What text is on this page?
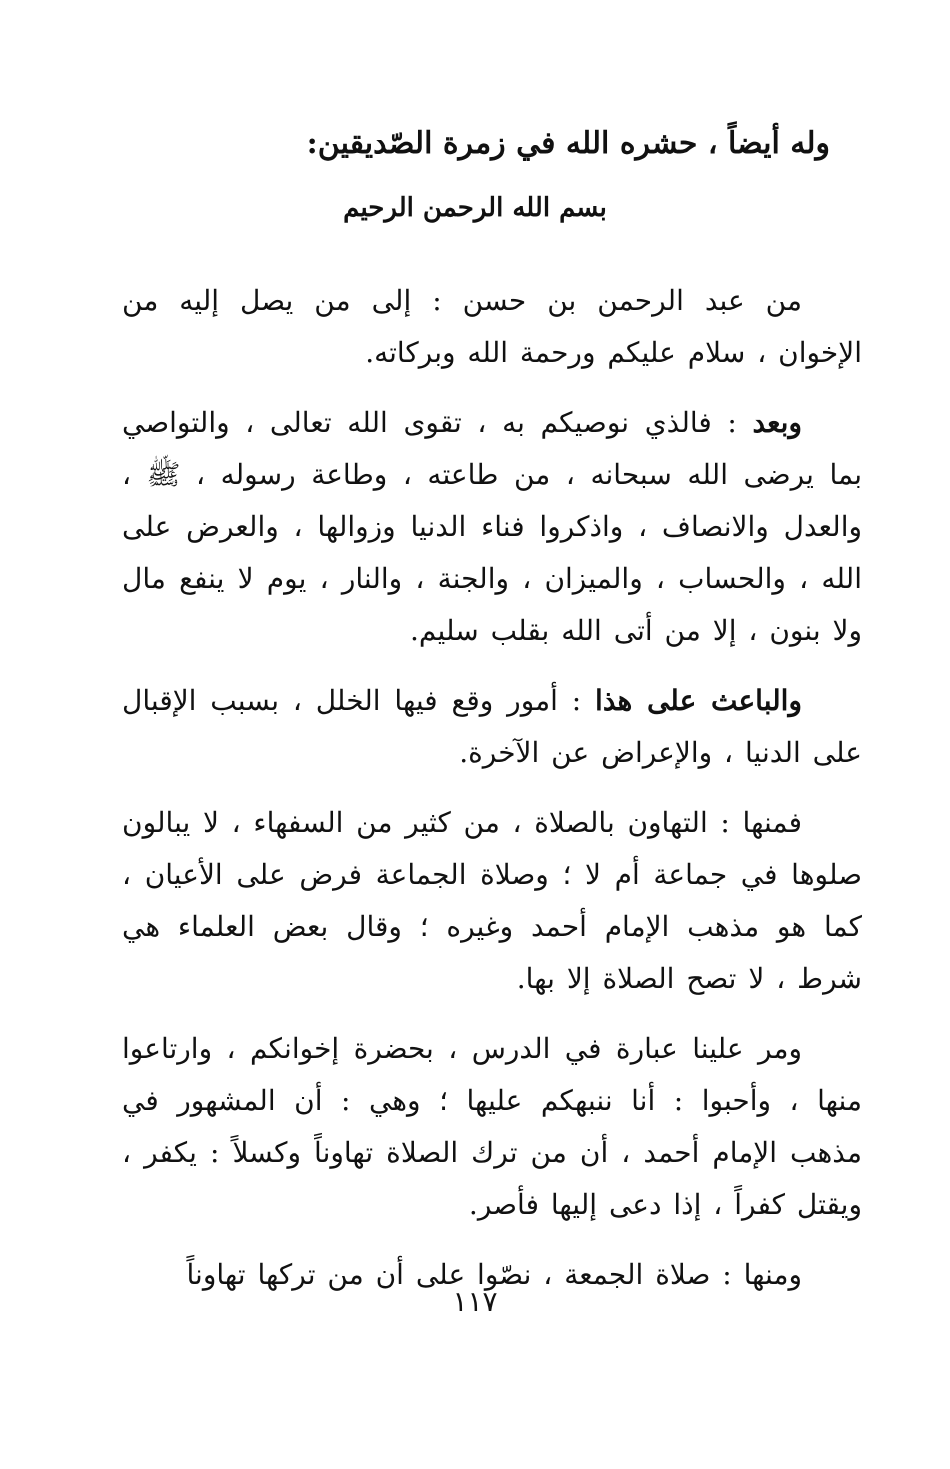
وله أيضاً ، حشره الله في زمرة الصّديقين:
بسم الله الرحمن الرحيم

من عبد الرحمن بن حسن : إلى من يصل إليه من الإخوان ، سلام عليكم ورحمة الله وبركاته.

وبعد : فالذي نوصيكم به ، تقوى الله تعالى ، والتواصي بما يرضى الله سبحانه ، من طاعته ، وطاعة رسوله ، ﷺ ، والعدل والانصاف ، واذكروا فناء الدنيا وزوالها ، والعرض على الله ، والحساب ، والميزان ، والجنة ، والنار ، يوم لا ينفع مال ولا بنون ، إلا من أتى الله بقلب سليم.

والباعث على هذا : أمور وقع فيها الخلل ، بسبب الإقبال على الدنيا ، والإعراض عن الآخرة.

فمنها : التهاون بالصلاة ، من كثير من السفهاء ، لا يبالون صلوها في جماعة أم لا ؛ وصلاة الجماعة فرض على الأعيان ، كما هو مذهب الإمام أحمد وغيره ؛ وقال بعض العلماء هي شرط ، لا تصح الصلاة إلا بها.

ومر علينا عبارة في الدرس ، بحضرة إخوانكم ، وارتاعوا منها ، وأحبوا : أنا ننبهكم عليها ؛ وهي : أن المشهور في مذهب الإمام أحمد ، أن من ترك الصلاة تهاوناً وكسلاً : يكفر ، ويقتل كفراً ، إذا دعى إليها فأصر.

ومنها : صلاة الجمعة ، نصّوا على أن من تركها تهاوناً

١١٧
